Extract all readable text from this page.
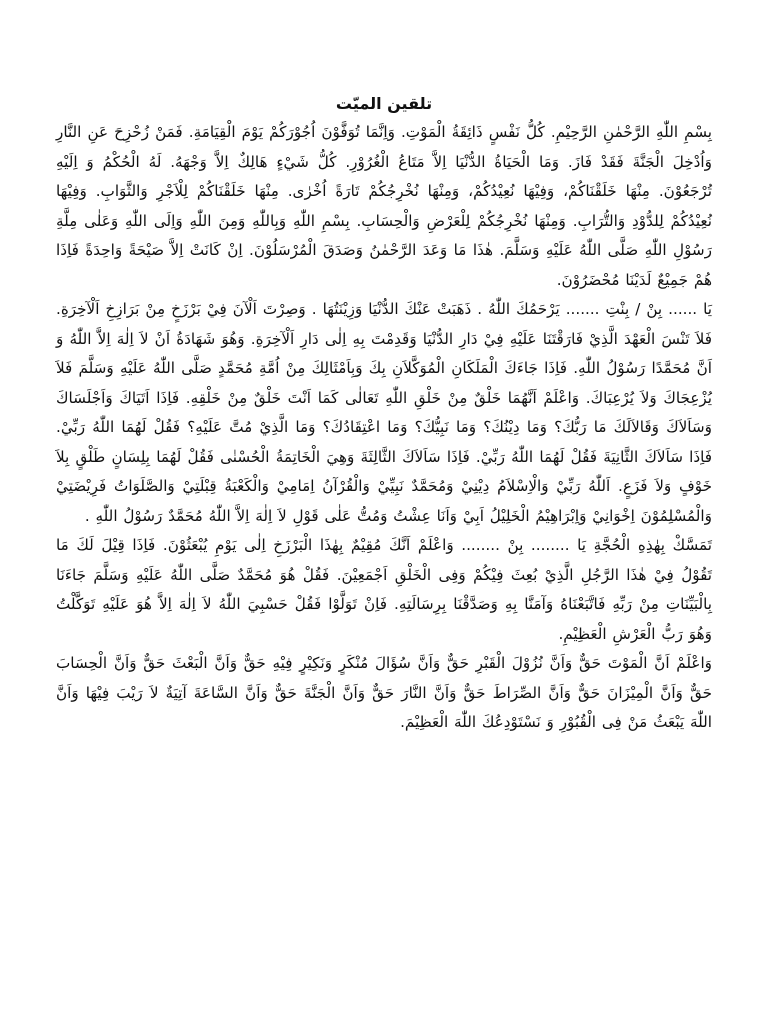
تلقين الميّت

بِسْمِ اللّٰهِ الرَّحْمٰنِ الرَّحِيْمِ. كُلُّ نَفْسٍ ذَائِقَةُ الْمَوْتِ. وَاِنَّمَا تُوَفَّوْنَ اُجُوْرَكُمْ يَوْمَ الْقِيَامَةِ. فَمَنْ زُحْزِحَ عَنِ النَّارِ وَاُدْخِلَ الْجَنَّةَ فَقَدْ فَازَ. وَمَا الْحَيَاةُ الدُّنْيَا اِلاَّ مَتَاعُ الْغُرُوْرِ. كُلُّ شَيْءٍ هَالِكٌ اِلاَّ وَجْهَهُ. لَهُ الْحُكْمُ وَ اِلَيْهِ تُرْجَعُوْنَ. مِنْهَا خَلَقْنَاكُمْ، وَفِيْهَا نُعِيْدُكُمْ، وَمِنْهَا نُخْرِجُكُمْ تَارَةً اُخْرٰى. مِنْهَا خَلَقْنَاكُمْ لِلْاَجْرِ وَالثَّوَابِ. وَفِيْهَا نُعِيْدُكُمْ لِلدُّوْدِ وَالتُّرَابِ. وَمِنْهَا نُخْرِجُكُمْ لِلْعَرْضِ وَالْحِسَابِ. بِسْمِ اللّٰهِ وَبِاللّٰهِ وَمِنَ اللّٰهِ وَاِلَى اللّٰهِ وَعَلٰى مِلَّةِ رَسُوْلِ اللّٰهِ صَلَّى اللّٰهُ عَلَيْهِ وَسَلَّمَ. هٰذَا مَا وَعَدَ الرَّحْمٰنُ وَصَدَقَ الْمُرْسَلُوْنَ. اِنْ كَانَتْ اِلاَّ صَيْحَةً وَاحِدَةً فَاِذَا هُمْ جَمِيْعٌ لَدَيْنَا مُحْضَرُوْنَ.

يَا ...... بِنْ / بِنْتِ ....... يَرْحَمُكَ اللّٰهُ . ذَهَبَتْ عَنْكَ الدُّنْيَا وَزِيْنَتُهَا . وَصِرْتَ اَلْآنَ فِيْ بَرْزَخٍ مِنْ بَرَازِخِ اَلْآخِرَةِ. فَلاَ تَنْسَ الْعَهْدَ الَّذِيْ فَارَقْتَنَا عَلَيْهِ فِيْ دَارِ الدُّنْيَا وَقَدِمْتَ بِهِ اِلٰى دَارِ اَلْآخِرَةِ. وَهُوَ شَهَادَةُ اَنْ لاَ اِلٰهَ اِلاَّ اللّٰهُ وَ اَنَّ مُحَمَّدًا رَسُوْلُ اللّٰهِ. فَاِذَا جَاءَكَ الْمَلَكَانِ الْمُوَكَّلاَنِ بِكَ وَبِاَمْثَالِكَ مِنْ اُمَّةِ مُحَمَّدٍ صَلَّى اللّٰهُ عَلَيْهِ وَسَلَّمَ فَلاَ يُزْعِجَاكَ وَلاَ يُرْعِبَاكَ. وَاعْلَمْ اَنَّهُمَا خَلْقٌ مِنْ خَلْقِ اللّٰهِ تَعَالٰى كَمَا اَنْتَ خَلْقٌ مِنْ خَلْقِهِ. فَاِذَا اَتَيَاكَ وَاَجْلَسَاكَ وَسَاَلاَكَ وَقَالاَلَكَ مَا رَبُّكَ؟ وَمَا دِيْنُكَ؟ وَمَا نَبِيُّكَ؟ وَمَا اعْتِقَادُكَ؟ وَمَا الَّذِيْ مُتَّ عَلَيْهِ؟ فَقُلْ لَهُمَا اللّٰهُ رَبِّيْ. فَاِذَا سَاَلاَكَ الثَّانِيَةَ فَقُلْ لَهُمَا اللّٰهُ رَبِّيْ. فَاِذَا سَاَلاَكَ الثَّالِثَةَ وَهِيَ الْخَاتِمَةُ الْحُسْنٰى فَقُلْ لَهُمَا بِلِسَانٍ طَلْقٍ بِلاَ خَوْفٍ وَلاَ فَزَعٍ. اَللّٰهُ رَبِّيْ وَالْاِسْلاَمُ دِيْنِيْ وَمُحَمَّدٌ نَبِيِّيْ وَالْقُرْآنُ اِمَامِيْ وَالْكَعْبَةُ قِبْلَتِيْ وَالصَّلَوَاتُ فَرِيْضَتِيْ وَالْمُسْلِمُوْنَ اِخْوَانِيْ وَاِبْرَاهِيْمُ الْخَلِيْلُ اَبِيْ وَاَنَا عِشْتُ وَمُتُّ عَلٰى قَوْلِ لاَ اِلٰهَ اِلاَّ اللّٰهُ مُحَمَّدٌ رَسُوْلُ اللّٰهِ .

تَمَسَّكْ بِهٰذِهِ الْحُجَّةِ يَا ........ بِنْ ........ وَاعْلَمْ اَنَّكَ مُقِيْمٌ بِهٰذَا الْبَرْزَخِ اِلٰى يَوْمِ يُبْعَثُوْنَ. فَاِذَا قِيْلَ لَكَ مَا تَقُوْلُ فِيْ هٰذَا الرَّجُلِ الَّذِيْ بُعِثَ فِيْكُمْ وَفِى الْخَلْقِ اَجْمَعِيْنَ. فَقُلْ هُوَ مُحَمَّدٌ صَلَّى اللّٰهُ عَلَيْهِ وَسَلَّمَ جَاءَنَا بِالْبَيِّنَاتِ مِنْ رَبِّهِ فَاتَّبَعْنَاهُ وَآمَنَّا بِهِ وَصَدَّقْنَا بِرِسَالَتِهِ. فَاِنْ تَوَلَّوْا فَقُلْ حَسْبِيَ اللّٰهُ لاَ اِلٰهَ اِلاَّ هُوَ عَلَيْهِ تَوَكَّلْتُ وَهُوَ رَبُّ الْعَرْشِ الْعَظِيْمِ.

وَاعْلَمْ اَنَّ الْمَوْتَ حَقٌّ وَاَنَّ نُزُوْلَ الْقَبْرِ حَقٌّ وَاَنَّ سُؤَالَ مُنْكَرٍ وَنَكِيْرٍ فِيْهِ حَقٌّ وَاَنَّ الْبَعْثَ حَقٌّ وَاَنَّ الْحِسَابَ حَقٌّ وَاَنَّ الْمِيْزَانَ حَقٌّ وَاَنَّ الصِّرَاطَ حَقٌّ وَاَنَّ النَّارَ حَقٌّ وَاَنَّ الْجَنَّةَ حَقٌّ وَاَنَّ السَّاعَةَ آتِيَةٌ لاَ رَيْبَ فِيْهَا وَاَنَّ اللّٰهَ يَبْعَثُ مَنْ فِى الْقُبُوْرِ وَ نَسْتَوْدِعُكَ اللّٰهَ الْعَظِيْمَ.
